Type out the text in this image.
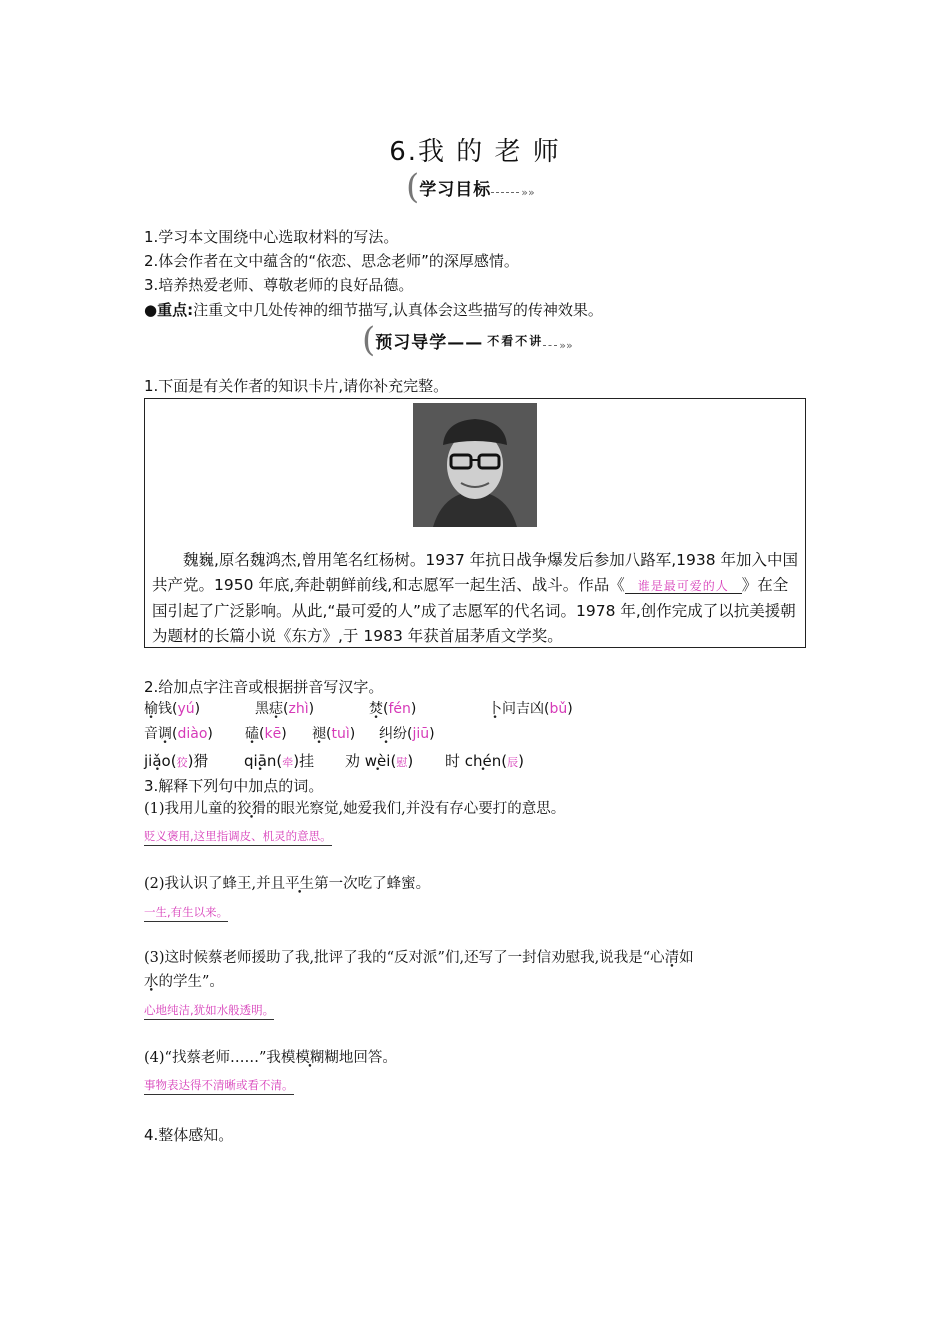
6.我 的 老 师
( 学习目标	»»
1.学习本文围绕中心选取材料的写法。
2.体会作者在文中蕴含的“依恋、思念老师”的深厚感情。
3.培养热爱老师、尊敬老师的良好品德。
●重点:注重文中几处传神的细节描写,认真体会这些描写的传神效果。
( 预习导学—— 不看不讲 »»
1.下面是有关作者的知识卡片,请你补充完整。
魏巍,原名魏鸿杰,曾用笔名红杨树。1937 年抗日战争爆发后参加八路军,1938 年加入中国共产党。1950 年底,奔赴朝鲜前线,和志愿军一起生活、战斗。作品《　谁是最可爱的人　》在全国引起了广泛影响。从此,“最可爱的人”成了志愿军的代名词。1978 年,创作完成了以抗美援朝为题材的长篇小说《东方》,于 1983 年获首届茅盾文学奖。
2.给加点字注音或根据拼音写汉字。
榆钱(yú)	黑痣(zhì)	焚(fén)	卜问吉凶(bǔ)
音调(diào) 磕(kē) 褪(tuì) 纠纷(jiū)
jiǎo •(狡)猾 qiān •(牵)挂 劝 wèi •(慰) 时 chén •(辰)
3.解释下列句中加点的词。
(1)我用儿童的狡猾的眼光察觉,她爱我们,并没有存心要打的意思。
贬义褒用,这里指调皮、机灵的意思。
(2)我认识了蜂王,并且平生第一次吃了蜂蜜。
一生,有生以来。
(3)这时候蔡老师援助了我,批评了我的“反对派”们,还写了一封信劝慰我,说我是“心清如
水的学生”。
心地纯洁,犹如水般透明。
(4)“找蔡老师……”我模模糊糊地回答。
事物表达得不清晰或看不清。
4.整体感知。
